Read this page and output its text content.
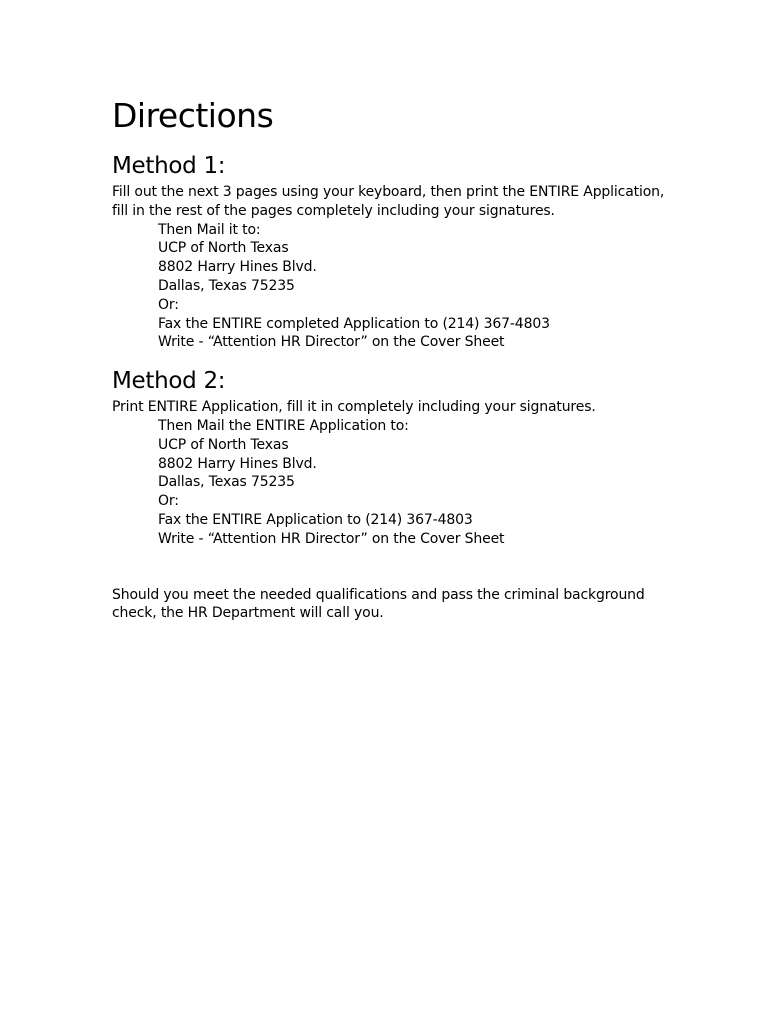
Directions
Method 1:

Fill out the next 3 pages using your keyboard, then print the ENTIRE Application,

fill in the rest of the pages completely including your signatures.

Then Mail it to:

UCP of North Texas

8802 Harry Hines Blvd.

Dallas, Texas 75235

Or:

Fax the ENTIRE completed Application to (214) 367-4803

Write - “Attention HR Director” on the Cover Sheet

Method 2:

Print ENTIRE Application, fill it in completely including your signatures.

Then Mail the ENTIRE Application to:

UCP of North Texas

8802 Harry Hines Blvd.

Dallas, Texas 75235

Or:

Fax the ENTIRE Application to (214) 367-4803

Write - “Attention HR Director” on the Cover Sheet

Should you meet the needed qualifications and pass the criminal background

check, the HR Department will call you.
